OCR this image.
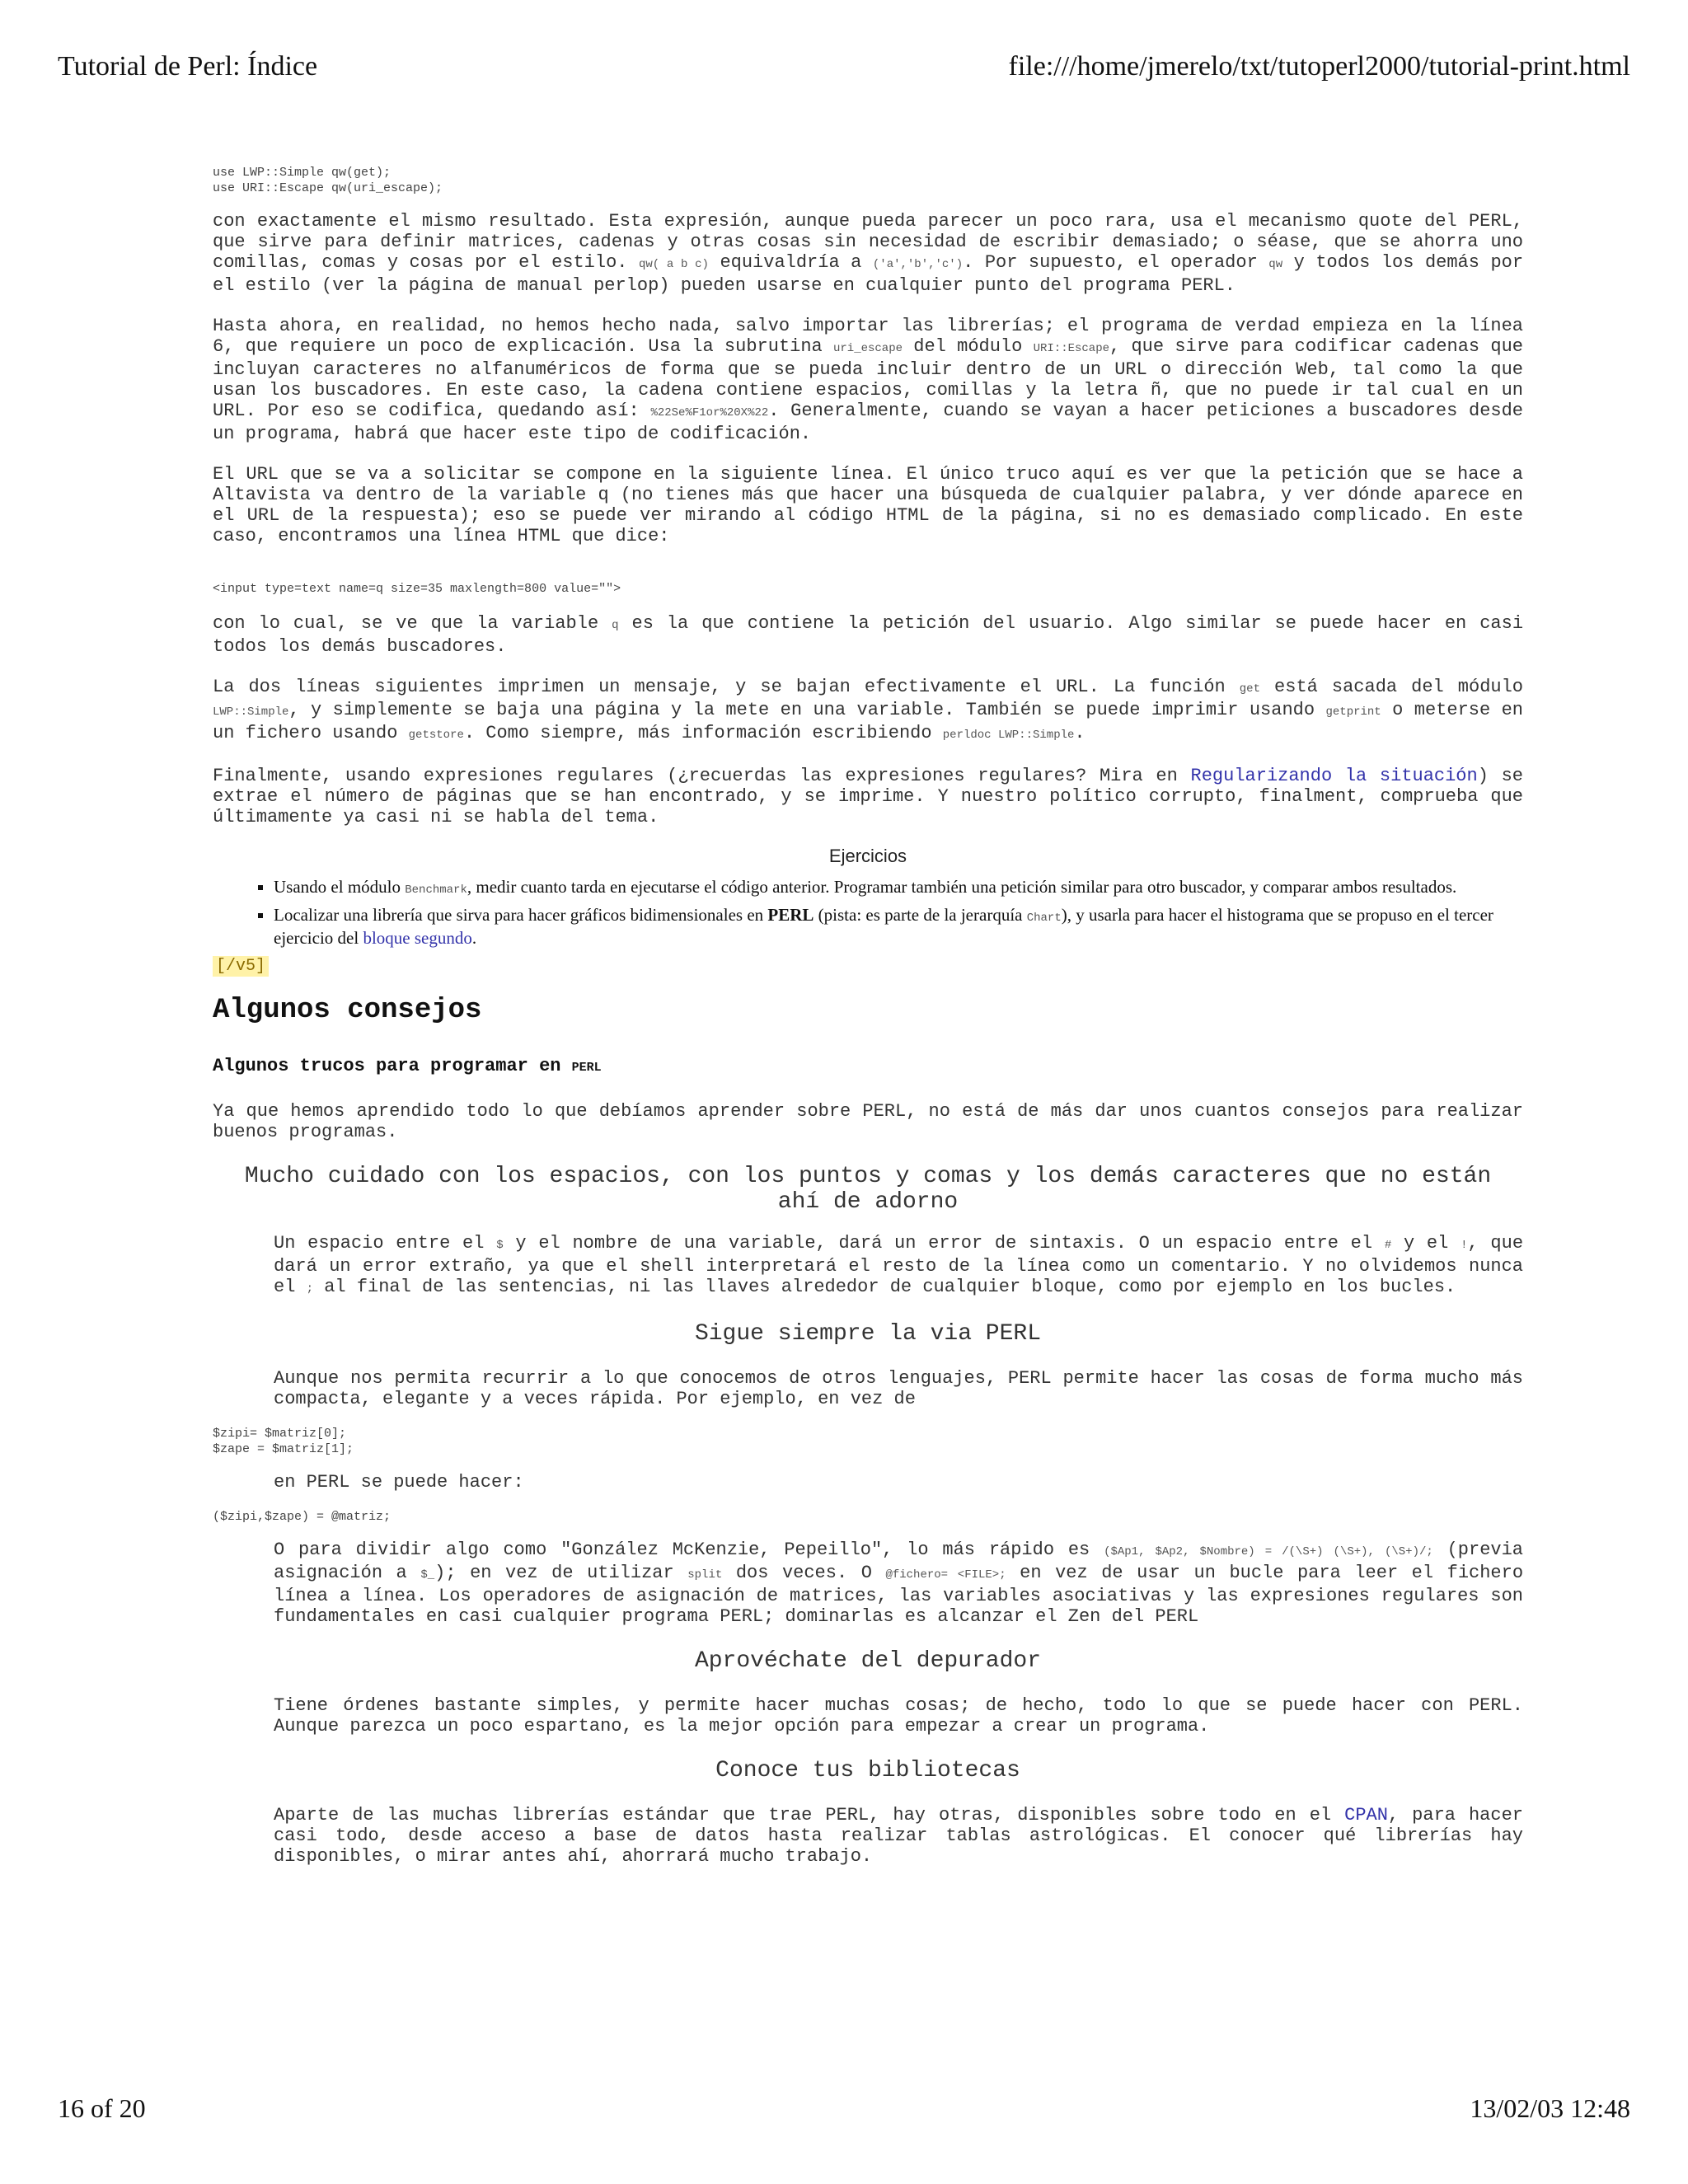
Tutorial de Perl: Índice	file:///home/jmerelo/txt/tutoperl2000/tutorial-print.html
use LWP::Simple qw(get);
use URI::Escape qw(uri_escape);

con exactamente el mismo resultado. Esta expresión, aunque pueda parecer un poco rara, usa el mecanismo quote del PERL, que sirve para definir matrices, cadenas y otras cosas sin necesidad de escribir demasiado; o séase, que se ahorra uno comillas, comas y cosas por el estilo. qw( a b c) equivaldría a ('a','b','c'). Por supuesto, el operador qw y todos los demás por el estilo (ver la página de manual perlop) pueden usarse en cualquier punto del programa PERL.

Hasta ahora, en realidad, no hemos hecho nada, salvo importar las librerías; el programa de verdad empieza en la línea 6, que requiere un poco de explicación. Usa la subrutina uri_escape del módulo URI::Escape, que sirve para codificar cadenas que incluyan caracteres no alfanuméricos de forma que se pueda incluir dentro de un URL o dirección Web, tal como la que usan los buscadores. En este caso, la cadena contiene espacios, comillas y la letra ñ, que no puede ir tal cual en un URL. Por eso se codifica, quedando así: %22Se%F1or%20X%22. Generalmente, cuando se vayan a hacer peticiones a buscadores desde un programa, habrá que hacer este tipo de codificación.

El URL que se va a solicitar se compone en la siguiente línea. El único truco aquí es ver que la petición que se hace a Altavista va dentro de la variable q (no tienes más que hacer una búsqueda de cualquier palabra, y ver dónde aparece en el URL de la respuesta); eso se puede ver mirando al código HTML de la página, si no es demasiado complicado. En este caso, encontramos una línea HTML que dice:

<input type=text name=q size=35 maxlength=800 value="">

con lo cual, se ve que la variable q es la que contiene la petición del usuario. Algo similar se puede hacer en casi todos los demás buscadores.

La dos líneas siguientes imprimen un mensaje, y se bajan efectivamente el URL. La función get está sacada del módulo LWP::Simple, y simplemente se baja una página y la mete en una variable. También se puede imprimir usando getprint o meterse en un fichero usando getstore. Como siempre, más información escribiendo perldoc LWP::Simple.

Finalmente, usando expresiones regulares (¿recuerdas las expresiones regulares? Mira en Regularizando la situación) se extrae el número de páginas que se han encontrado, y se imprime. Y nuestro político corrupto, finalment, comprueba que últimamente ya casi ni se habla del tema.

Ejercicios
▪ Usando el módulo Benchmark, medir cuanto tarda en ejecutarse el código anterior. Programar también una petición similar para otro buscador, y comparar ambos resultados.
▪ Localizar una librería que sirva para hacer gráficos bidimensionales en PERL (pista: es parte de la jerarquía Chart), y usarla para hacer el histograma que se propuso en el tercer ejercicio del bloque segundo.
[/v5]
Algunos consejos
Algunos trucos para programar en PERL

Ya que hemos aprendido todo lo que debíamos aprender sobre PERL, no está de más dar unos cuantos consejos para realizar buenos programas.

Mucho cuidado con los espacios, con los puntos y comas y los demás caracteres que no están ahí de adorno

Un espacio entre el $ y el nombre de una variable, dará un error de sintaxis. O un espacio entre el # y el !, que dará un error extraño, ya que el shell interpretará el resto de la línea como un comentario. Y no olvidemos nunca el ; al final de las sentencias, ni las llaves alrededor de cualquier bloque, como por ejemplo en los bucles.

Sigue siempre la via PERL

Aunque nos permita recurrir a lo que conocemos de otros lenguajes, PERL permite hacer las cosas de forma mucho más compacta, elegante y a veces rápida. Por ejemplo, en vez de

$zipi= $matriz[0];
$zape = $matriz[1];

en PERL se puede hacer:

($zipi,$zape) = @matriz;

O para dividir algo como "González McKenzie, Pepeillo", lo más rápido es ($Ap1, $Ap2, $Nombre) = /(\S+) (\S+), (\S+)/; (previa asignación a $_); en vez de utilizar split dos veces. O @fichero= <FILE>; en vez de usar un bucle para leer el fichero línea a línea. Los operadores de asignación de matrices, las variables asociativas y las expresiones regulares son fundamentales en casi cualquier programa PERL; dominarlas es alcanzar el Zen del PERL

Aprovéchate del depurador

Tiene órdenes bastante simples, y permite hacer muchas cosas; de hecho, todo lo que se puede hacer con PERL. Aunque parezca un poco espartano, es la mejor opción para empezar a crear un programa.

Conoce tus bibliotecas

Aparte de las muchas librerías estándar que trae PERL, hay otras, disponibles sobre todo en el CPAN, para hacer casi todo, desde acceso a base de datos hasta realizar tablas astrológicas. El conocer qué librerías hay disponibles, o mirar antes ahí, ahorrará mucho trabajo.

16 of 20	13/02/03 12:48
